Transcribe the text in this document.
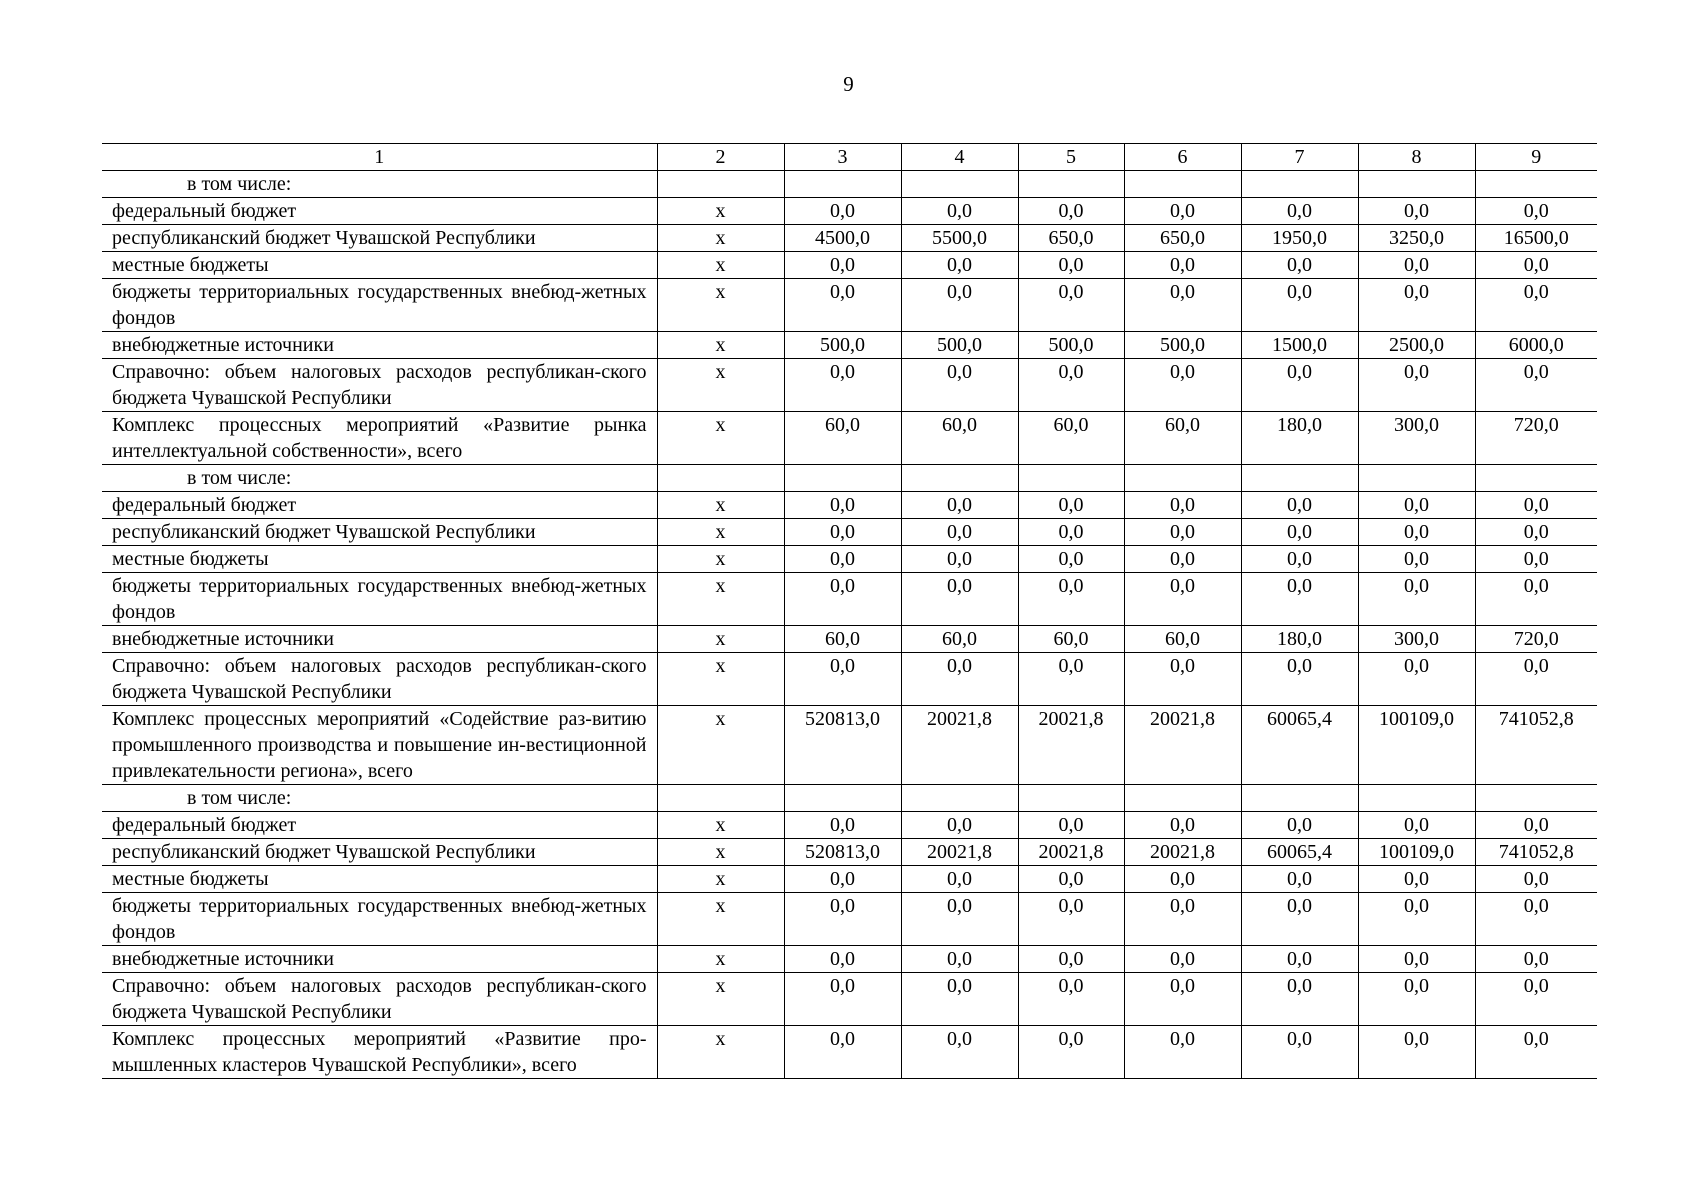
9
1	2	3	4	5	6	7	8	9
в том числе:								
федеральный бюджет	х	0,0	0,0	0,0	0,0	0,0	0,0	0,0
республиканский бюджет Чувашской Республики	х	4500,0	5500,0	650,0	650,0	1950,0	3250,0	16500,0
местные бюджеты	х	0,0	0,0	0,0	0,0	0,0	0,0	0,0
бюджеты территориальных государственных внебюд-жетных фондов	х	0,0	0,0	0,0	0,0	0,0	0,0	0,0
внебюджетные источники	х	500,0	500,0	500,0	500,0	1500,0	2500,0	6000,0
Справочно: объем налоговых расходов республикан-ского бюджета Чувашской Республики	х	0,0	0,0	0,0	0,0	0,0	0,0	0,0
Комплекс процессных мероприятий «Развитие рынка интеллектуальной собственности», всего	х	60,0	60,0	60,0	60,0	180,0	300,0	720,0
в том числе:								
федеральный бюджет	х	0,0	0,0	0,0	0,0	0,0	0,0	0,0
республиканский бюджет Чувашской Республики	х	0,0	0,0	0,0	0,0	0,0	0,0	0,0
местные бюджеты	х	0,0	0,0	0,0	0,0	0,0	0,0	0,0
бюджеты территориальных государственных внебюд-жетных фондов	х	0,0	0,0	0,0	0,0	0,0	0,0	0,0
внебюджетные источники	х	60,0	60,0	60,0	60,0	180,0	300,0	720,0
Справочно: объем налоговых расходов республикан-ского бюджета Чувашской Республики	х	0,0	0,0	0,0	0,0	0,0	0,0	0,0
Комплекс процессных мероприятий «Содействие раз-витию промышленного производства и повышение ин-вестиционной привлекательности региона», всего	х	520813,0	20021,8	20021,8	20021,8	60065,4	100109,0	741052,8
в том числе:								
федеральный бюджет	х	0,0	0,0	0,0	0,0	0,0	0,0	0,0
республиканский бюджет Чувашской Республики	х	520813,0	20021,8	20021,8	20021,8	60065,4	100109,0	741052,8
местные бюджеты	х	0,0	0,0	0,0	0,0	0,0	0,0	0,0
бюджеты территориальных государственных внебюд-жетных фондов	х	0,0	0,0	0,0	0,0	0,0	0,0	0,0
внебюджетные источники	х	0,0	0,0	0,0	0,0	0,0	0,0	0,0
Справочно: объем налоговых расходов республикан-ского бюджета Чувашской Республики	х	0,0	0,0	0,0	0,0	0,0	0,0	0,0
Комплекс процессных мероприятий «Развитие про-мышленных кластеров Чувашской Республики», всего	х	0,0	0,0	0,0	0,0	0,0	0,0	0,0
